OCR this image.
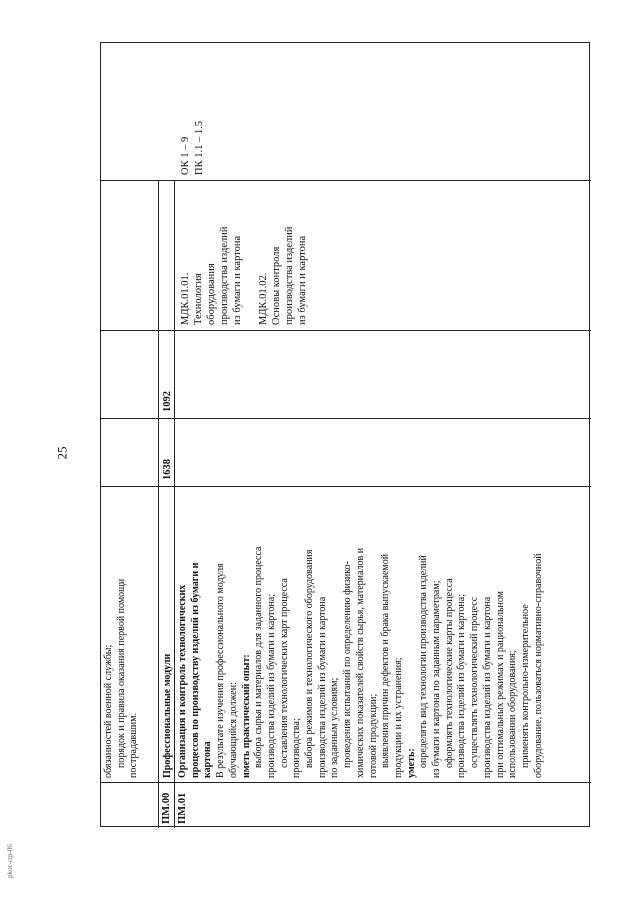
25
ПМ.00 ПМ.01
обязанностей военной службы; порядок и правила оказания первой помощи пострадавшим. Профессиональные модули Организация и контроль технологических процессов по производству изделий из бумаги и картона В результате изучения профессионального модуля обучающийся должен: иметь практический опыт: выбора сырья и материалов для заданного процесса производства изделий из бумаги и картона; составления технологических карт процесса производства; выбора режимов и технологического оборудования производства изделий из бумаги и картона по заданным условиям; проведения испытаний по определению физико- химических показателей свойств сырья, материалов и готовой продукции; выявления причин дефектов и брака выпускаемой продукции и их устранения; уметь: определять вид технологии производства изделий из бумаги и картона по заданным параметрам; оформлять технологические карты процесса производства изделий из бумаги и картона; осуществлять технологический процесс производства изделий из бумаги и картона при оптимальных режимах и рациональном использовании оборудования; применять контрольно-измерительное оборудование, пользоваться нормативно-справочной
1638
1092
МДК.01.01. Технология оборудования производства изделий из бумаги и картона МДК.01.02. Основы контроля производства изделий из бумаги и картона
ОК 1 – 9 ПК 1.1 – 1.5
pkoc-ctp-06
